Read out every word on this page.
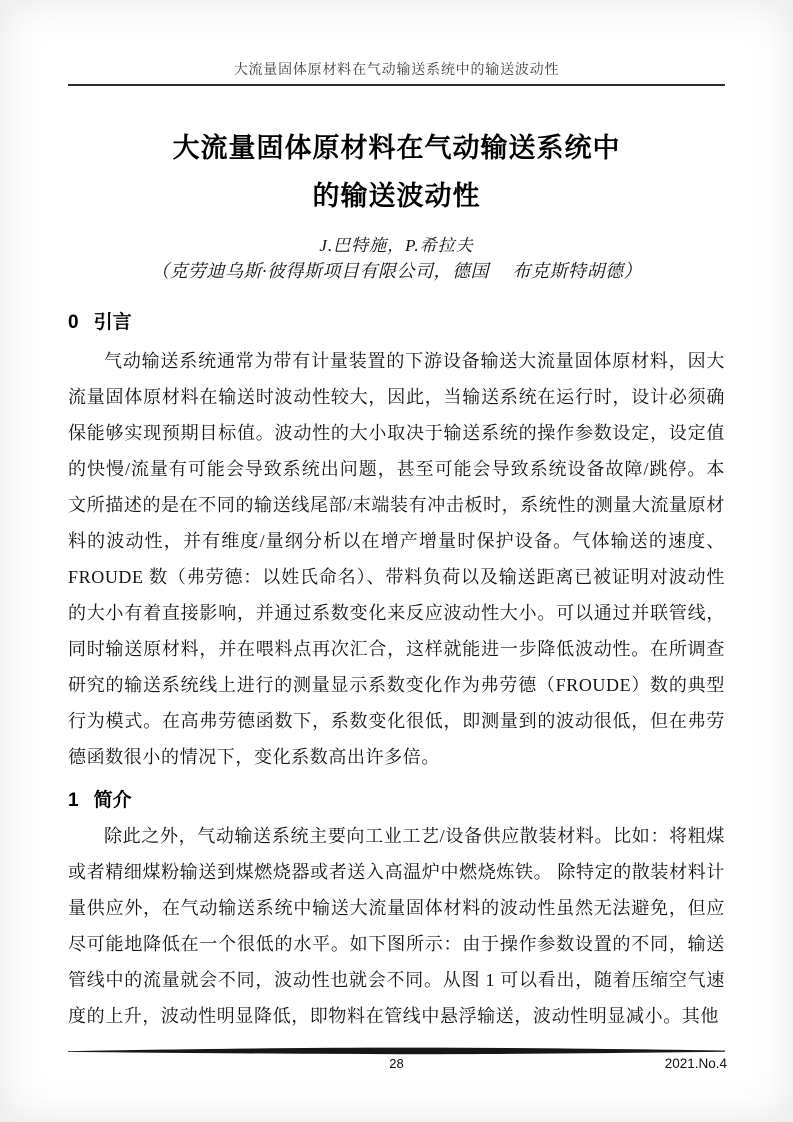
大流量固体原材料在气动输送系统中的输送波动性
大流量固体原材料在气动输送系统中
的输送波动性
J.巴特施，P.希拉夫
（克劳迪乌斯·彼得斯项目有限公司，德国　 布克斯特胡德）
0 引言

气动输送系统通常为带有计量装置的下游设备输送大流量固体原材料，因大流量固体原材料在输送时波动性较大，因此，当输送系统在运行时，设计必须确保能够实现预期目标值。波动性的大小取决于输送系统的操作参数设定，设定值的快慢/流量有可能会导致系统出问题，甚至可能会导致系统设备故障/跳停。本文所描述的是在不同的输送线尾部/末端装有冲击板时，系统性的测量大流量原材料的波动性，并有维度/量纲分析以在增产增量时保护设备。气体输送的速度、FROUDE 数（弗劳德：以姓氏命名）、带料负荷以及输送距离已被证明对波动性的大小有着直接影响，并通过系数变化来反应波动性大小。可以通过并联管线，同时输送原材料，并在喂料点再次汇合，这样就能进一步降低波动性。在所调查研究的输送系统线上进行的测量显示系数变化作为弗劳德（FROUDE）数的典型行为模式。在高弗劳德函数下，系数变化很低，即测量到的波动很低，但在弗劳德函数很小的情况下，变化系数高出许多倍。

1 简介

除此之外，气动输送系统主要向工业工艺/设备供应散装材料。比如：将粗煤或者精细煤粉输送到煤燃烧器或者送入高温炉中燃烧炼铁。 除特定的散装材料计量供应外，在气动输送系统中输送大流量固体材料的波动性虽然无法避免，但应尽可能地降低在一个很低的水平。如下图所示：由于操作参数设置的不同，输送管线中的流量就会不同，波动性也就会不同。从图 1 可以看出，随着压缩空气速度的上升，波动性明显降低，即物料在管线中悬浮输送，波动性明显减小。其他

28	2021.No.4
